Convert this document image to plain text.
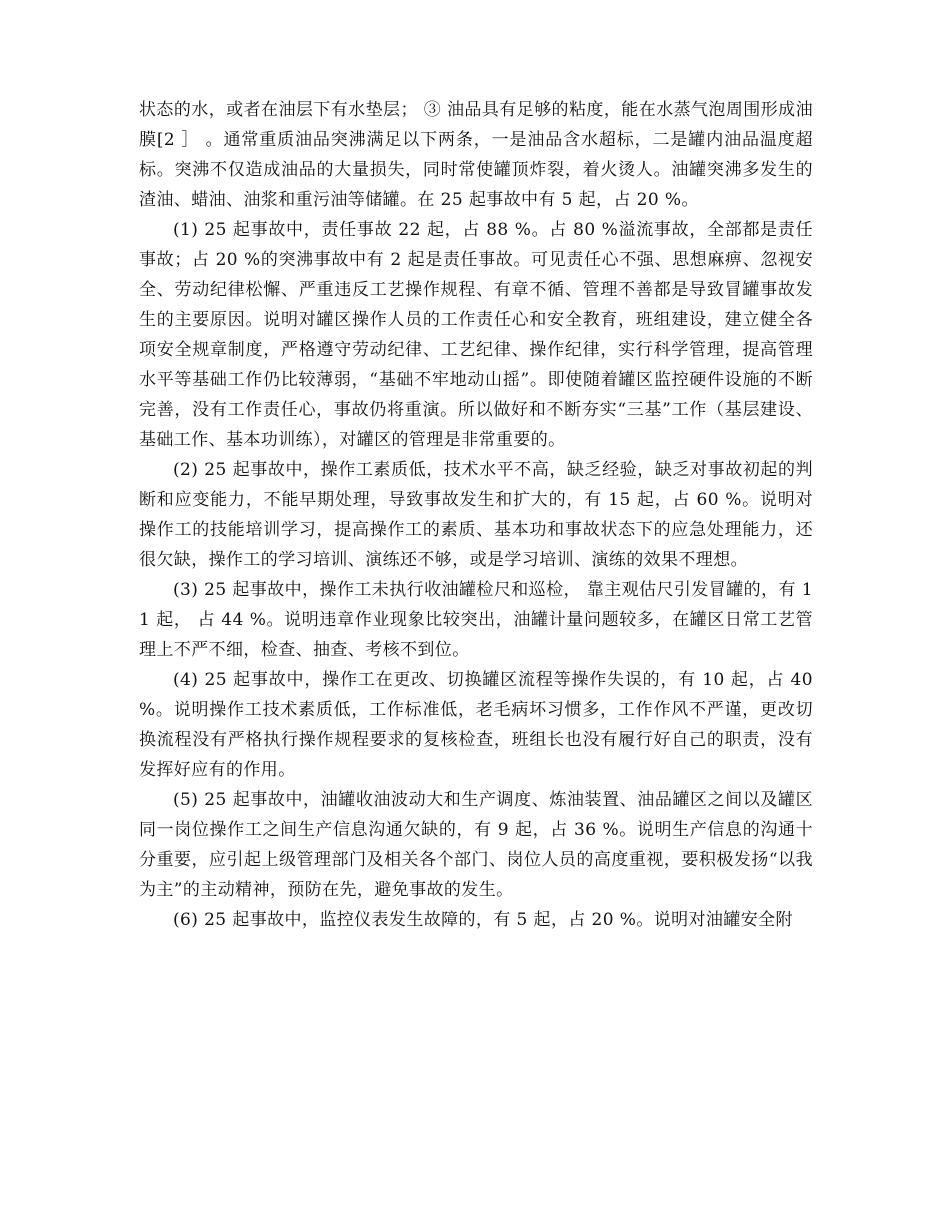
状态的水，或者在油层下有水垫层； ③ 油品具有足够的粘度，能在水蒸气泡周围形成油膜[2 ］ 。通常重质油品突沸满足以下两条，一是油品含水超标，二是罐内油品温度超标。突沸不仅造成油品的大量损失，同时常使罐顶炸裂，着火烫人。油罐突沸多发生的渣油、蜡油、油浆和重污油等储罐。在 25 起事故中有 5 起，占 20 %。

(1) 25 起事故中，责任事故 22 起，占 88 %。占 80 %溢流事故，全部都是责任事故；占 20 %的突沸事故中有 2 起是责任事故。可见责任心不强、思想麻痹、忽视安全、劳动纪律松懈、严重违反工艺操作规程、有章不循、管理不善都是导致冒罐事故发生的主要原因。说明对罐区操作人员的工作责任心和安全教育，班组建设，建立健全各项安全规章制度，严格遵守劳动纪律、工艺纪律、操作纪律，实行科学管理，提高管理水平等基础工作仍比较薄弱，“基础不牢地动山摇”。即使随着罐区监控硬件设施的不断完善，没有工作责任心，事故仍将重演。所以做好和不断夯实“三基”工作（基层建设、基础工作、基本功训练），对罐区的管理是非常重要的。

(2) 25 起事故中，操作工素质低，技术水平不高，缺乏经验，缺乏对事故初起的判断和应变能力，不能早期处理，导致事故发生和扩大的，有 15 起，占 60 %。说明对操作工的技能培训学习，提高操作工的素质、基本功和事故状态下的应急处理能力，还很欠缺，操作工的学习培训、演练还不够，或是学习培训、演练的效果不理想。

(3) 25 起事故中，操作工未执行收油罐检尺和巡检， 靠主观估尺引发冒罐的，有 11 起， 占 44 %。说明违章作业现象比较突出，油罐计量问题较多，在罐区日常工艺管理上不严不细，检查、抽查、考核不到位。

(4) 25 起事故中，操作工在更改、切换罐区流程等操作失误的，有 10 起，占 40 %。说明操作工技术素质低，工作标准低，老毛病坏习惯多，工作作风不严谨，更改切换流程没有严格执行操作规程要求的复核检查，班组长也没有履行好自己的职责，没有发挥好应有的作用。

(5) 25 起事故中，油罐收油波动大和生产调度、炼油装置、油品罐区之间以及罐区同一岗位操作工之间生产信息沟通欠缺的，有 9 起，占 36 %。说明生产信息的沟通十分重要，应引起上级管理部门及相关各个部门、岗位人员的高度重视，要积极发扬“以我为主”的主动精神，预防在先，避免事故的发生。

(6) 25 起事故中，监控仪表发生故障的，有 5 起，占 20 %。说明对油罐安全附
